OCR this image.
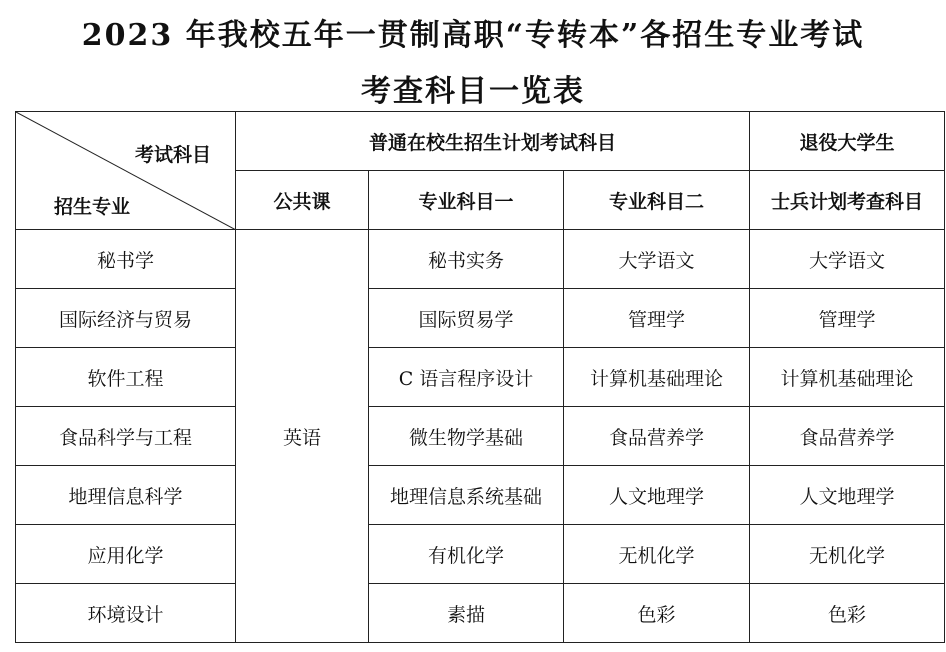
2023 年我校五年一贯制高职“专转本”各招生专业考试
考查科目一览表
考试科目
招生专业	普通在校生招生计划考试科目			退役大学生
	公共课	专业科目一	专业科目二	士兵计划考查科目
秘书学	英语	秘书实务	大学语文	大学语文
国际经济与贸易		国际贸易学	管理学	管理学
软件工程		C 语言程序设计	计算机基础理论	计算机基础理论
食品科学与工程		微生物学基础	食品营养学	食品营养学
地理信息科学		地理信息系统基础	人文地理学	人文地理学
应用化学		有机化学	无机化学	无机化学
环境设计		素描	色彩	色彩
